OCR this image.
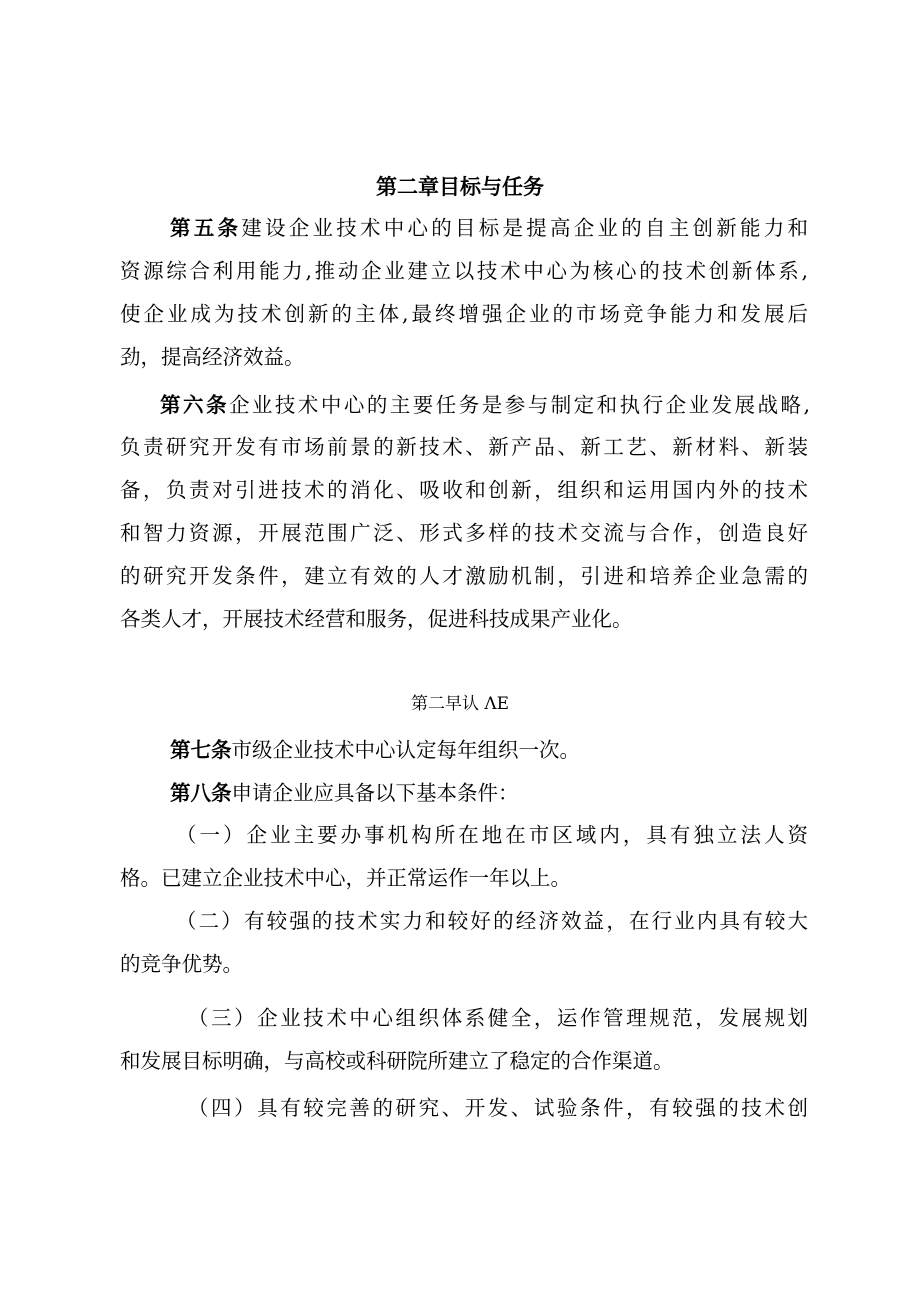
第二章目标与任务
第五条建设企业技术中心的目标是提高企业的自主创新能力和
资源综合利用能力,推动企业建立以技术中心为核心的技术创新体系,
使企业成为技术创新的主体,最终增强企业的市场竞争能力和发展后
劲，提高经济效益。
第六条企业技术中心的主要任务是参与制定和执行企业发展战略,
负责研究开发有市场前景的新技术、新产品、新工艺、新材料、新装
备，负责对引进技术的消化、吸收和创新，组织和运用国内外的技术
和智力资源，开展范围广泛、形式多样的技术交流与合作，创造良好
的研究开发条件，建立有效的人才激励机制，引进和培养企业急需的
各类人才，开展技术经营和服务，促进科技成果产业化。
第二早认 ΛE
第七条市级企业技术中心认定每年组织一次。
第八条申请企业应具备以下基本条件：
（一）企业主要办事机构所在地在市区域内，具有独立法人资
格。已建立企业技术中心，并正常运作一年以上。
（二）有较强的技术实力和较好的经济效益，在行业内具有较大
的竞争优势。
（三）企业技术中心组织体系健全，运作管理规范，发展规划
和发展目标明确，与高校或科研院所建立了稳定的合作渠道。
（四）具有较完善的研究、开发、试验条件，有较强的技术创
